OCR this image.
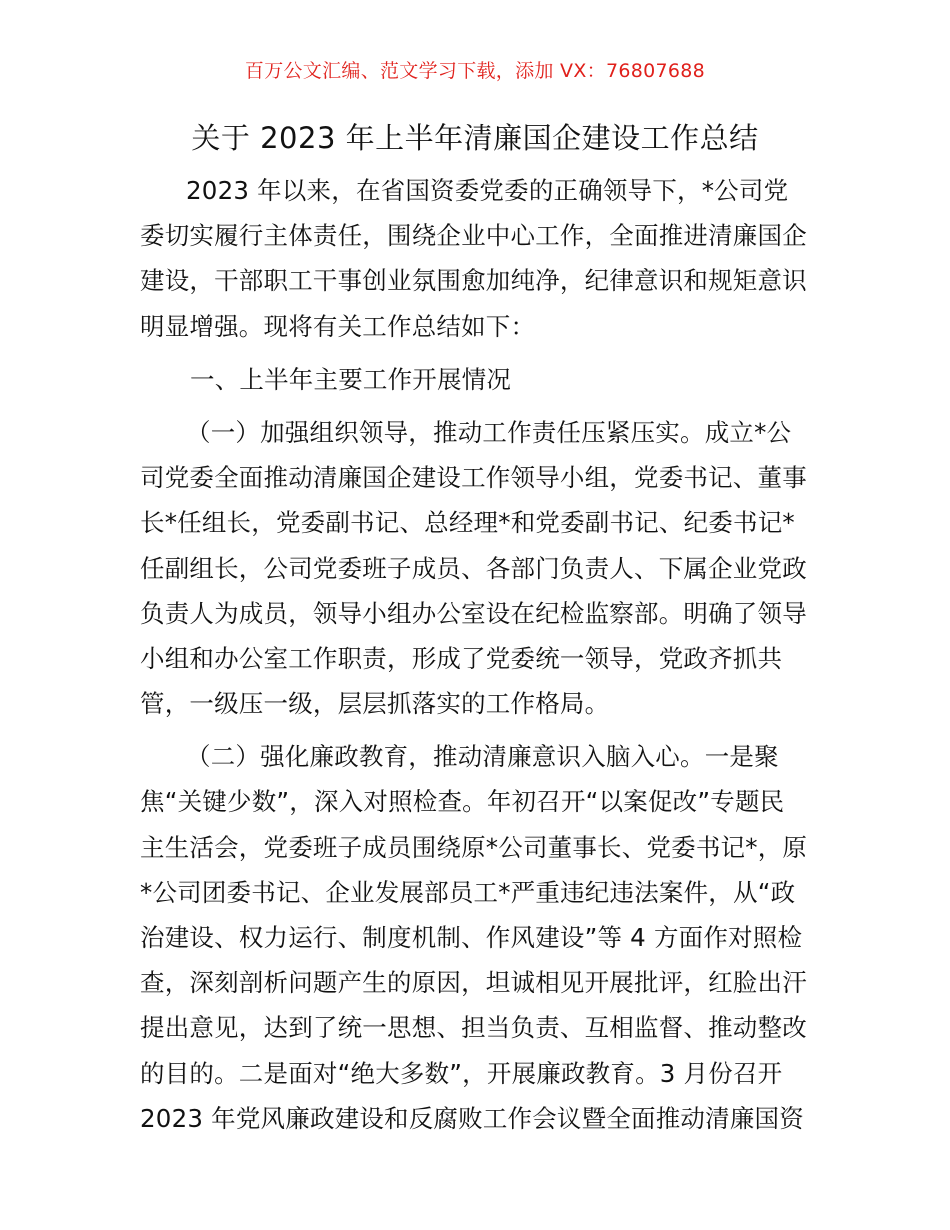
百万公文汇编、范文学习下载，添加 VX：76807688
关于 2023 年上半年清廉国企建设工作总结
2023 年以来，在省国资委党委的正确领导下，*公司党
委切实履行主体责任，围绕企业中心工作，全面推进清廉国企
建设，干部职工干事创业氛围愈加纯净，纪律意识和规矩意识
明显增强。现将有关工作总结如下：
一、上半年主要工作开展情况
（一）加强组织领导，推动工作责任压紧压实。成立*公
司党委全面推动清廉国企建设工作领导小组，党委书记、董事
长*任组长，党委副书记、总经理*和党委副书记、纪委书记*
任副组长，公司党委班子成员、各部门负责人、下属企业党政
负责人为成员，领导小组办公室设在纪检监察部。明确了领导
小组和办公室工作职责，形成了党委统一领导，党政齐抓共
管，一级压一级，层层抓落实的工作格局。
（二）强化廉政教育，推动清廉意识入脑入心。一是聚
焦“关键少数”，深入对照检查。年初召开“以案促改”专题民
主生活会，党委班子成员围绕原*公司董事长、党委书记*，原
*公司团委书记、企业发展部员工*严重违纪违法案件，从“政
治建设、权力运行、制度机制、作风建设”等 4 方面作对照检
查，深刻剖析问题产生的原因，坦诚相见开展批评，红脸出汗
提出意见，达到了统一思想、担当负责、互相监督、推动整改
的目的。二是面对“绝大多数”，开展廉政教育。3 月份召开
2023 年党风廉政建设和反腐败工作会议暨全面推动清廉国资
